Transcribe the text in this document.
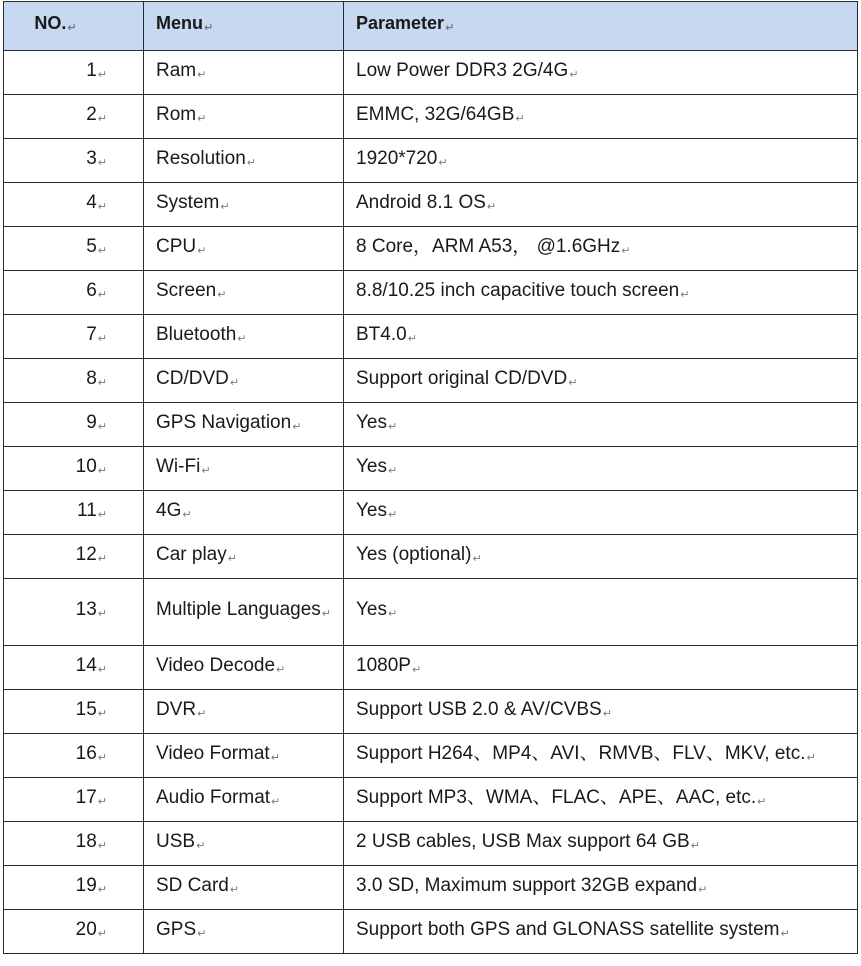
NO.↵	Menu↵	Parameter↵
1↵	Ram↵	Low Power DDR3 2G/4G↵
2↵	Rom↵	EMMC, 32G/64GB↵
3↵	Resolution↵	1920*720↵
4↵	System↵	Android 8.1 OS↵
5↵	CPU↵	8 Core，ARM A53， @1.6GHz↵
6↵	Screen↵	8.8/10.25 inch capacitive touch screen↵
7↵	Bluetooth↵	BT4.0↵
8↵	CD/DVD↵	Support original CD/DVD↵
9↵	GPS Navigation↵	Yes↵
10↵	Wi-Fi↵	Yes↵
11↵	4G↵	Yes↵
12↵	Car play↵	Yes (optional)↵
13↵	Multiple Languages↵	Yes↵
14↵	Video Decode↵	1080P↵
15↵	DVR↵	Support USB 2.0 & AV/CVBS↵
16↵	Video Format↵	Support H264、MP4、AVI、RMVB、FLV、MKV, etc.↵
17↵	Audio Format↵	Support MP3、WMA、FLAC、APE、AAC, etc.↵
18↵	USB↵	2 USB cables, USB Max support 64 GB↵
19↵	SD Card↵	3.0 SD, Maximum support 32GB expand↵
20↵	GPS↵	Support both GPS and GLONASS satellite system↵
